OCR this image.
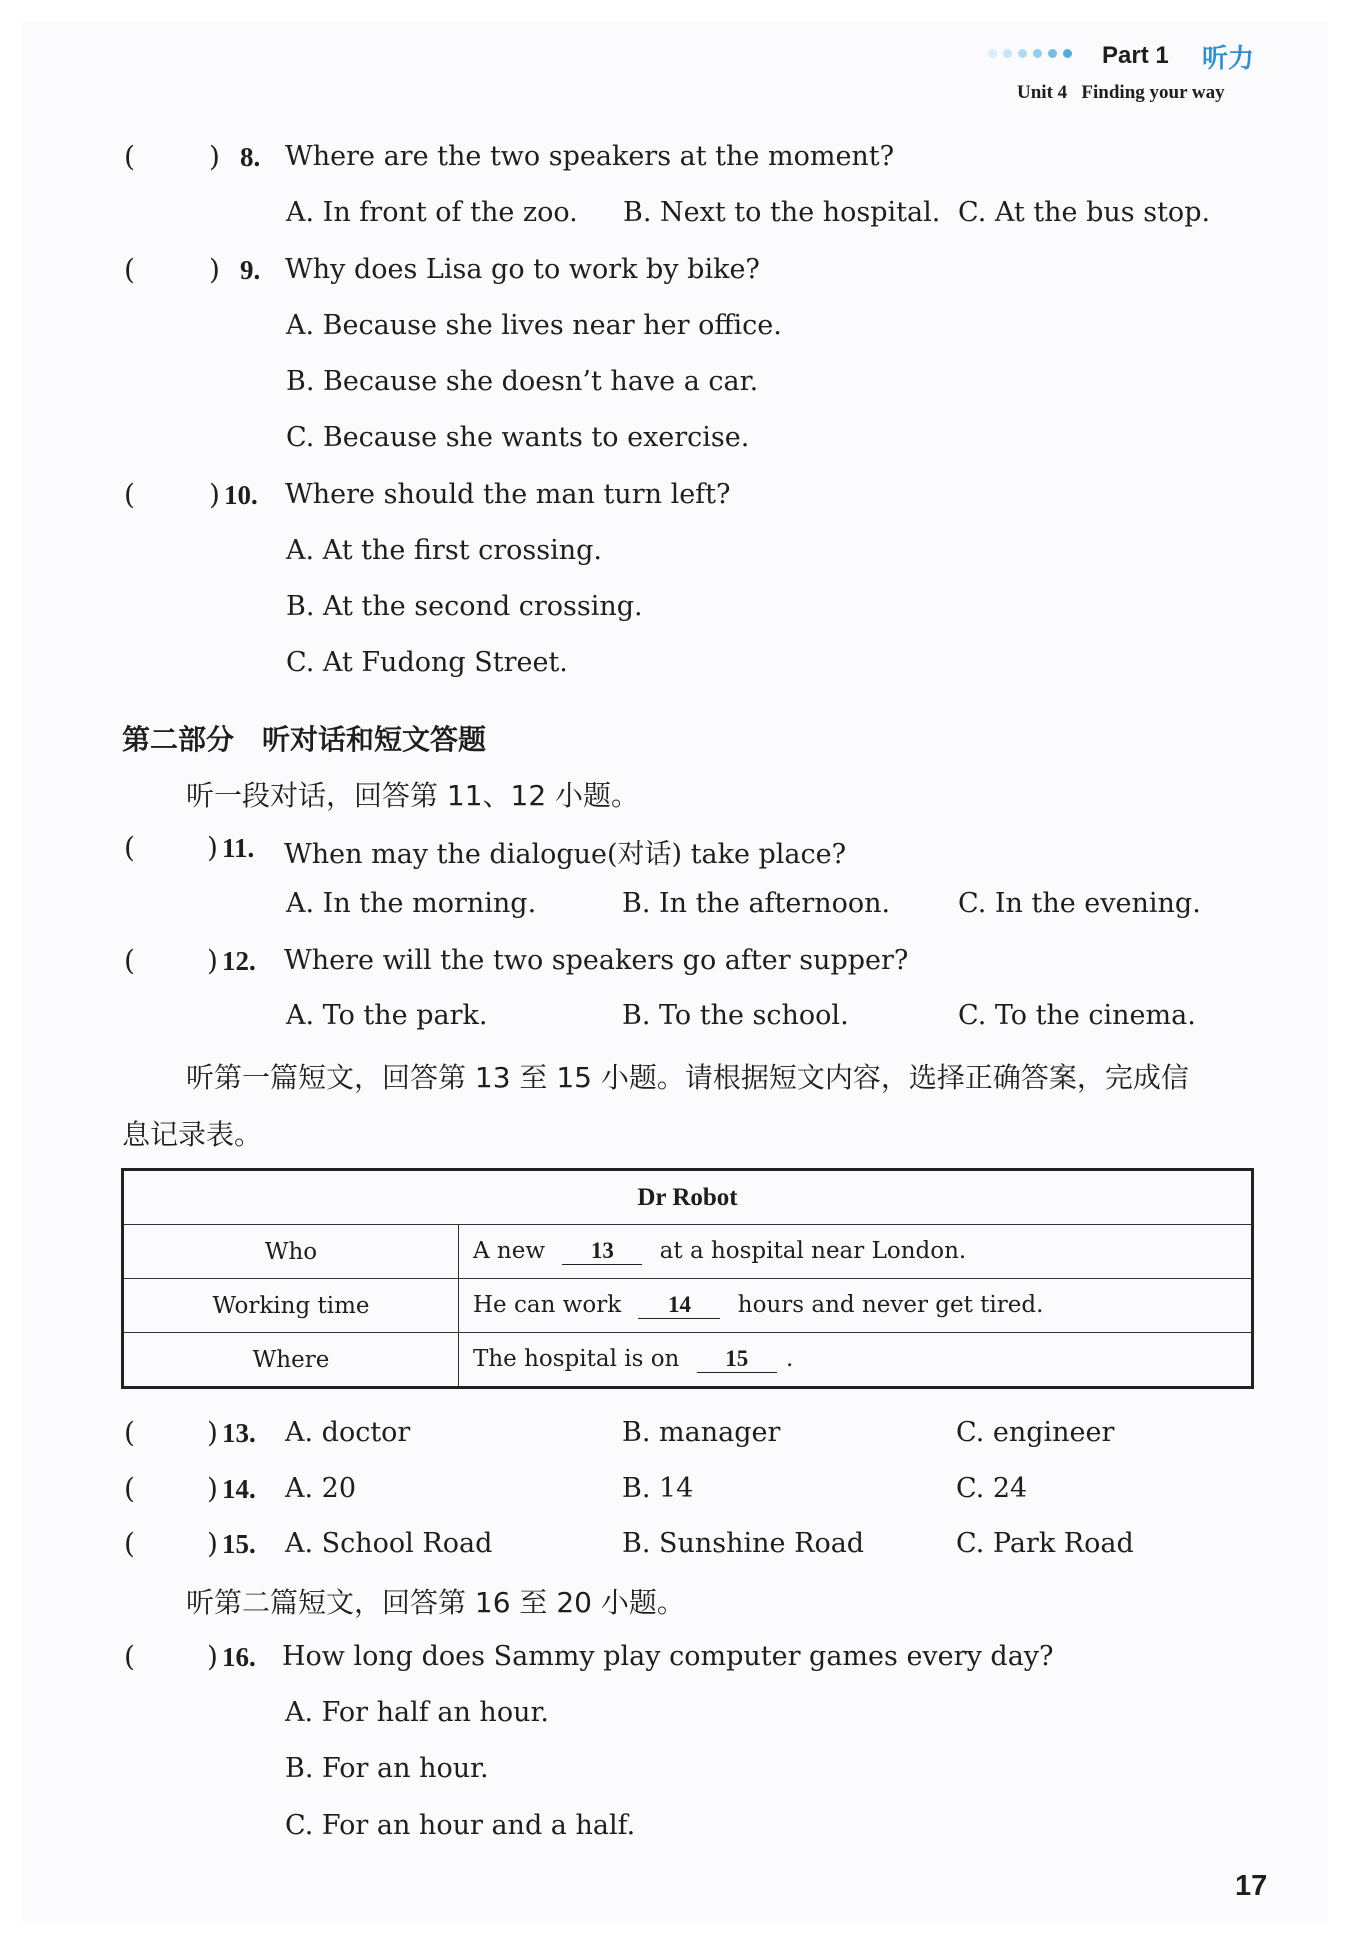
Part 1 听力
Unit 4 Finding your way
(	) 8. Where are the two speakers at the moment?
A. In front of the zoo. B. Next to the hospital. C. At the bus stop.
(	) 9. Why does Lisa go to work by bike?
A. Because she lives near her office.
B. Because she doesn’t have a car.
C. Because she wants to exercise.
(	) 10. Where should the man turn left?
A. At the first crossing.
B. At the second crossing.
C. At Fudong Street.
第二部分　听对话和短文答题
听一段对话，回答第 11、12 小题。
(	) 11. When may the dialogue(对话) take place?
A. In the morning.	B. In the afternoon.	C. In the evening.
(	) 12. Where will the two speakers go after supper?
A. To the park.	B. To the school.	C. To the cinema.
听第一篇短文，回答第 13 至 15 小题。请根据短文内容，选择正确答案，完成信
息记录表。
Dr Robot	
Who	A new 13 at a hospital near London.
Working time	He can work 14 hours and never get tired.
Where	The hospital is on 15 .
(	) 13. A. doctor	B. manager	C. engineer
(	) 14. A. 20	B. 14	C. 24
(	) 15. A. School Road	B. Sunshine Road	C. Park Road
听第二篇短文，回答第 16 至 20 小题。
(	) 16. How long does Sammy play computer games every day?
A. For half an hour.
B. For an hour.
C. For an hour and a half.
17
